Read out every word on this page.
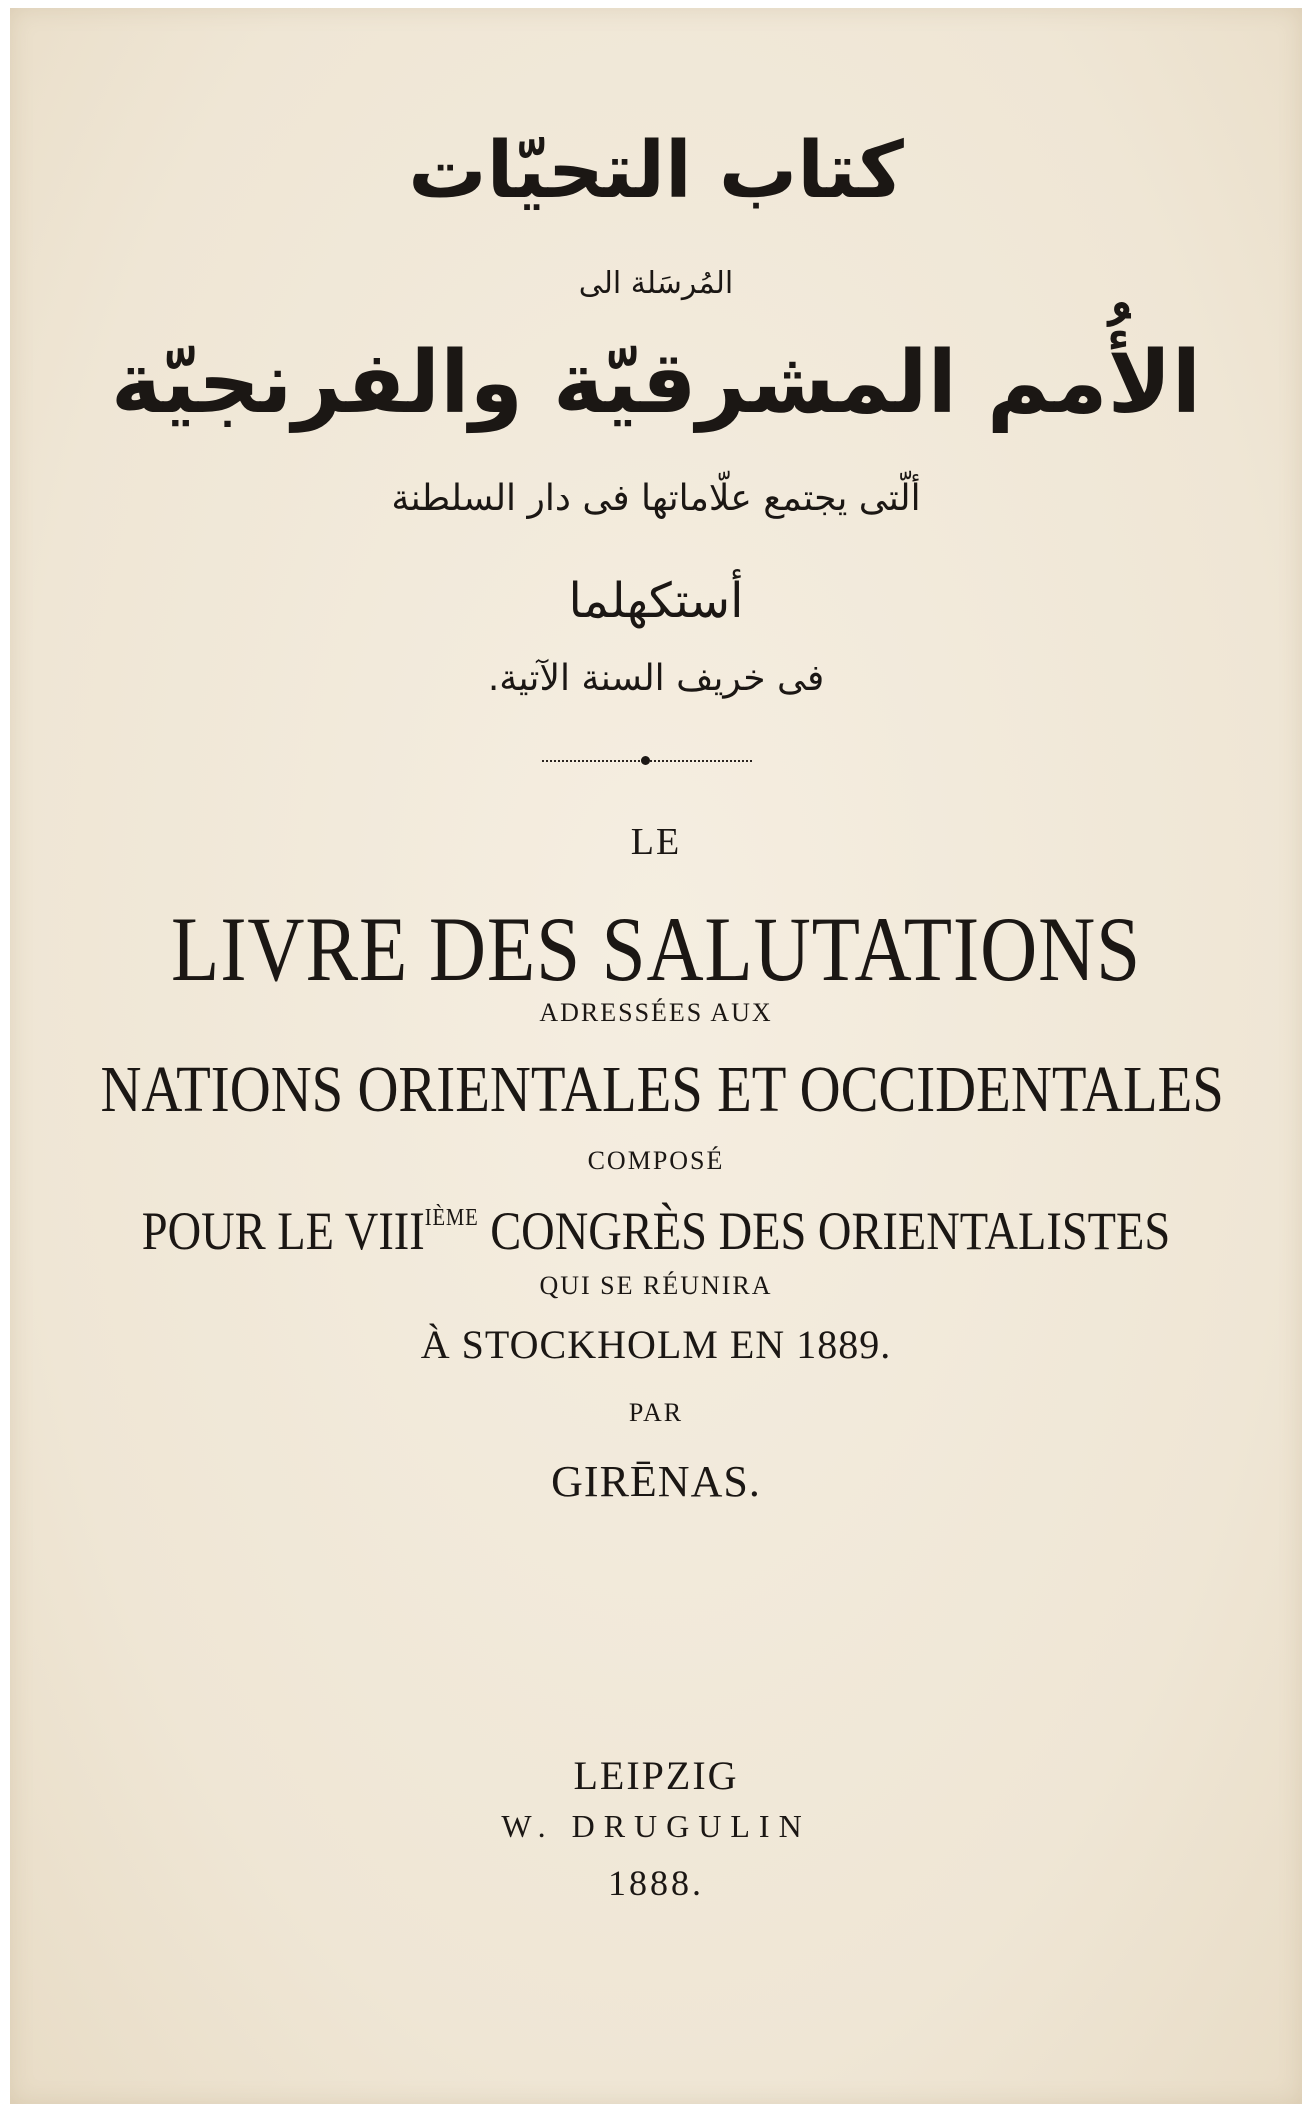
كتاب التحيّات
المُرسَلة الى
الأُمم المشرقيّة والفرنجيّة
ألّتى يجتمع علّاماتها فى دار السلطنة
أستكهلما
فى خريف السنة الآتية.
LE
LIVRE DES SALUTATIONS
ADRESSÉES AUX
NATIONS ORIENTALES ET OCCIDENTALES
COMPOSÉ
POUR LE VIIIIÈME CONGRÈS DES ORIENTALISTES
QUI SE RÉUNIRA
À STOCKHOLM EN 1889.
PAR
GIRĒNAS.
LEIPZIG
W. DRUGULIN
1888.
